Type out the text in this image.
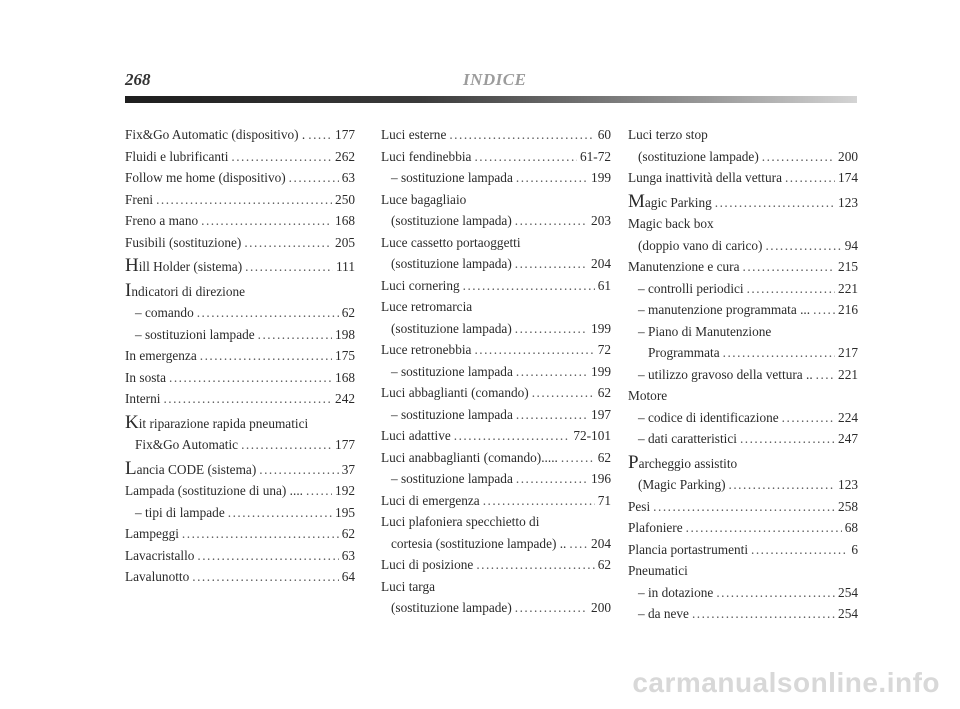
268	INDICE
Fix&Go Automatic (dispositivo) . ..... 177
Fluidi e lubrificanti .....	262
Follow me home (dispositivo) .....	63
Freni .....	250
Freno a mano .....	168
Fusibili (sostituzione) .....	205
Hill Holder (sistema) .....	111
Indicatori di direzione
– comando .....	62
– sostituzioni lampade .....	198
In emergenza .....	175
In sosta .....	168
Interni .....	242
Kit riparazione rapida pneumatici
Fix&Go Automatic .....	177
Lancia CODE (sistema) .....	37
Lampada (sostituzione di una) .... ..... 192
– tipi di lampade .....	195
Lampeggi .....	62
Lavacristallo .....	63
Lavalunotto .....	64
Luci esterne .....	60
Luci fendinebbia .....	61-72
– sostituzione lampada .....	199
Luce bagagliaio
(sostituzione lampada) .....	203
Luce cassetto portaoggetti
(sostituzione lampada) .....	204
Luci cornering .....	61
Luce retromarcia
(sostituzione lampada) .....	199
Luce retronebbia .....	72
– sostituzione lampada .....	199
Luci abbaglianti (comando) .....	62
– sostituzione lampada .....	197
Luci adattive .....	72-101
Luci anabbaglianti (comando)..... .....	62
– sostituzione lampada .....	196
Luci di emergenza .....	71
Luci plafoniera specchietto di
cortesia (sostituzione lampade) .. ..... 204
Luci di posizione .....	62
Luci targa
(sostituzione lampade) .....	200
Luci terzo stop
(sostituzione lampade) .....	200
Lunga inattività della vettura .....	174
Magic Parking .....	123
Magic back box
(doppio vano di carico) .....	94
Manutenzione e cura .....	215
– controlli periodici .....	221
– manutenzione programmata ... ..... 216
– Piano di Manutenzione
Programmata .....	217
– utilizzo gravoso della vettura .. ..... 221
Motore
– codice di identificazione .....	224
– dati caratteristici .....	247
Parcheggio assistito
(Magic Parking) .....	123
Pesi .....	258
Plafoniere .....	68
Plancia portastrumenti .....	6
Pneumatici
– in dotazione .....	254
– da neve .....	254
carmanualsonline.info
